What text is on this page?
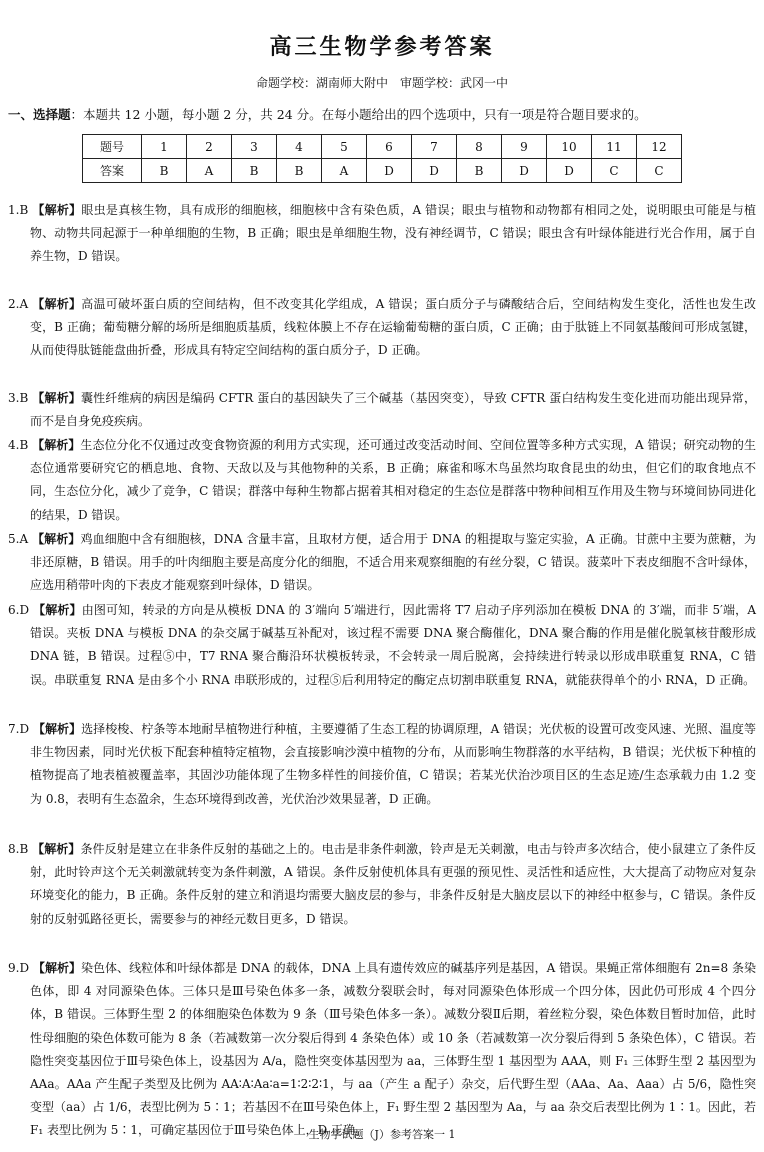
高三生物学参考答案
命题学校：湖南师大附中　审题学校：武冈一中
一、选择题：本题共 12 小题，每小题 2 分，共 24 分。在每小题给出的四个选项中，只有一项是符合题目要求的。
题号	1	2	3	4	5	6	7	8	9	10	11	12
答案	B	A	B	B	A	D	D	B	D	D	C	C
1.B 【解析】眼虫是真核生物，具有成形的细胞核，细胞核中含有染色质，A 错误；眼虫与植物和动物都有相同之处，说明眼虫可能是与植物、动物共同起源于一种单细胞的生物，B 正确；眼虫是单细胞生物，没有神经调节，C 错误；眼虫含有叶绿体能进行光合作用，属于自养生物，D 错误。
2.A 【解析】高温可破坏蛋白质的空间结构，但不改变其化学组成，A 错误；蛋白质分子与磷酸结合后，空间结构发生变化，活性也发生改变，B 正确；葡萄糖分解的场所是细胞质基质，线粒体膜上不存在运输葡萄糖的蛋白质，C 正确；由于肽链上不同氨基酸间可形成氢键，从而使得肽链能盘曲折叠，形成具有特定空间结构的蛋白质分子，D 正确。
3.B 【解析】囊性纤维病的病因是编码 CFTR 蛋白的基因缺失了三个碱基（基因突变），导致 CFTR 蛋白结构发生变化进而功能出现异常，而不是自身免疫疾病。
4.B 【解析】生态位分化不仅通过改变食物资源的利用方式实现，还可通过改变活动时间、空间位置等多种方式实现，A 错误；研究动物的生态位通常要研究它的栖息地、食物、天敌以及与其他物种的关系，B 正确；麻雀和啄木鸟虽然均取食昆虫的幼虫，但它们的取食地点不同，生态位分化，减少了竞争，C 错误；群落中每种生物都占据着其相对稳定的生态位是群落中物种间相互作用及生物与环境间协同进化的结果，D 错误。
5.A 【解析】鸡血细胞中含有细胞核，DNA 含量丰富，且取材方便，适合用于 DNA 的粗提取与鉴定实验，A 正确。甘蔗中主要为蔗糖，为非还原糖，B 错误。用手的叶肉细胞主要是高度分化的细胞，不适合用来观察细胞的有丝分裂，C 错误。菠菜叶下表皮细胞不含叶绿体，应选用稍带叶肉的下表皮才能观察到叶绿体，D 错误。
6.D 【解析】由图可知，转录的方向是从模板 DNA 的 3′端向 5′端进行，因此需将 T7 启动子序列添加在模板 DNA 的 3′端，而非 5′端，A 错误。夹板 DNA 与模板 DNA 的杂交属于碱基互补配对，该过程不需要 DNA 聚合酶催化，DNA 聚合酶的作用是催化脱氧核苷酸形成 DNA 链，B 错误。过程⑤中，T7 RNA 聚合酶沿环状模板转录，不会转录一周后脱离，会持续进行转录以形成串联重复 RNA，C 错误。串联重复 RNA 是由多个小 RNA 串联形成的，过程⑤后利用特定的酶定点切割串联重复 RNA，就能获得单个的小 RNA，D 正确。
7.D 【解析】选择梭梭、柠条等本地耐旱植物进行种植，主要遵循了生态工程的协调原理，A 错误；光伏板的设置可改变风速、光照、温度等非生物因素，同时光伏板下配套种植特定植物，会直接影响沙漠中植物的分布，从而影响生物群落的水平结构，B 错误；光伏板下种植的植物提高了地表植被覆盖率，其固沙功能体现了生物多样性的间接价值，C 错误；若某光伏治沙项目区的生态足迹/生态承载力由 1.2 变为 0.8，表明有生态盈余，生态环境得到改善，光伏治沙效果显著，D 正确。
8.B 【解析】条件反射是建立在非条件反射的基础之上的。电击是非条件刺激，铃声是无关刺激，电击与铃声多次结合，使小鼠建立了条件反射，此时铃声这个无关刺激就转变为条件刺激，A 错误。条件反射使机体具有更强的预见性、灵活性和适应性，大大提高了动物应对复杂环境变化的能力，B 正确。条件反射的建立和消退均需要大脑皮层的参与，非条件反射是大脑皮层以下的神经中枢参与，C 错误。条件反射的反射弧路径更长，需要参与的神经元数目更多，D 错误。
9.D 【解析】染色体、线粒体和叶绿体都是 DNA 的载体，DNA 上具有遗传效应的碱基序列是基因，A 错误。果蝇正常体细胞有 2n=8 条染色体，即 4 对同源染色体。三体只是Ⅲ号染色体多一条，减数分裂联会时，每对同源染色体形成一个四分体，因此仍可形成 4 个四分体，B 错误。三体野生型 2 的体细胞染色体数为 9 条（Ⅲ号染色体多一条）。减数分裂Ⅱ后期，着丝粒分裂，染色体数目暂时加倍，此时性母细胞的染色体数可能为 8 条（若减数第一次分裂后得到 4 条染色体）或 10 条（若减数第一次分裂后得到 5 条染色体），C 错误。若隐性突变基因位于Ⅲ号染色体上，设基因为 A/a，隐性突变体基因型为 aa，三体野生型 1 基因型为 AAA，则 F₁ 三体野生型 2 基因型为 AAa。AAa 产生配子类型及比例为 AA∶A∶Aa∶a=1∶2∶2∶1，与 aa（产生 a 配子）杂交，后代野生型（AAa、Aa、Aaa）占 5/6，隐性突变型（aa）占 1/6，表型比例为 5∶1；若基因不在Ⅲ号染色体上，F₁ 野生型 2 基因型为 Aa，与 aa 杂交后表型比例为 1∶1。因此，若 F₁ 表型比例为 5∶1，可确定基因位于Ⅲ号染色体上，D 正确。
生物学试题（J）参考答案一 1
